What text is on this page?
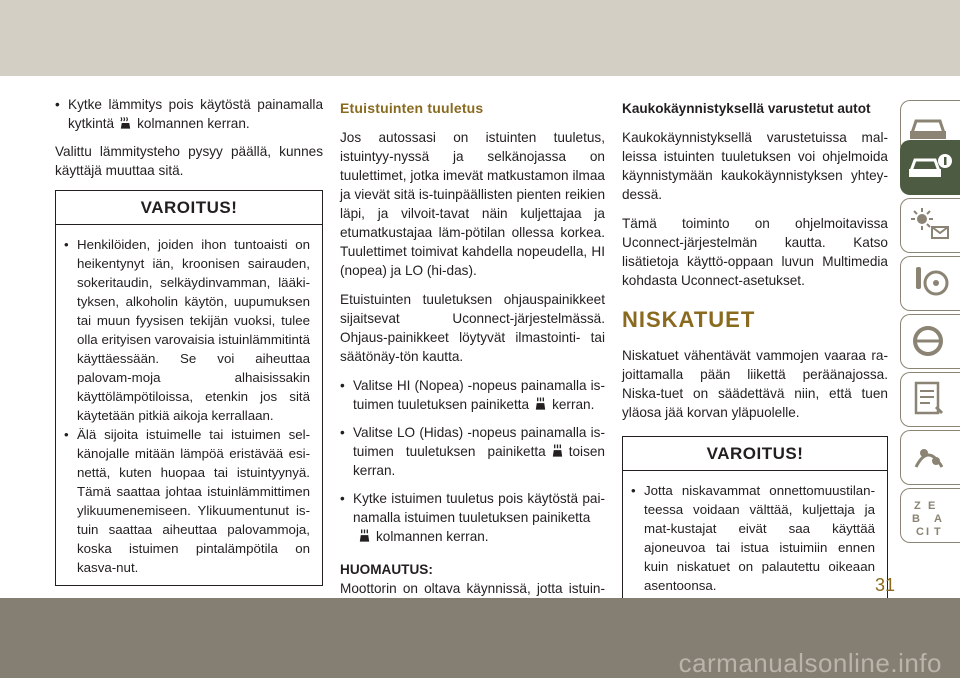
• Kytke lämmitys pois käytöstä painamalla kytkintä kolmannen kerran.

Valittu lämmitysteho pysyy päällä, kunnes käyttäjä muuttaa sitä.

VAROITUS!
• Henkilöiden, joiden ihon tuntoaisti on heikentynyt iän, kroonisen sairauden, sokeritaudin, selkäydinvamman, lääki-tyksen, alkoholin käytön, uupumuksen tai muun fyysisen tekijän vuoksi, tulee olla erityisen varovaisia istuinlämmitintä käyttäessään. Se voi aiheuttaa palovam-moja alhaisissakin käyttölämpötiloissa, etenkin jos sitä käytetään pitkiä aikoja kerrallaan.
• Älä sijoita istuimelle tai istuimen sel-känojalle mitään lämpöä eristävää esi-nettä, kuten huopaa tai istuintyynyä. Tämä saattaa johtaa istuinlämmittimen ylikuumenemiseen. Ylikuumentunut is-tuin saattaa aiheuttaa palovammoja, koska istuimen pintalämpötila on kasva-nut.
Etuistuinten tuuletus

Jos autossasi on istuinten tuuletus, istuintyy-nyssä ja selkänojassa on tuulettimet, jotka imevät matkustamon ilmaa ja vievät sitä is-tuinpäällisten pienten reikien läpi, ja vilvoit-tavat näin kuljettajaa ja etumatkustajaa läm-pötilan ollessa korkea. Tuulettimet toimivat kahdella nopeudella, HI (nopea) ja LO (hi-das).

Etuistuinten tuuletuksen ohjauspainikkeet sijaitsevat Uconnect-järjestelmässä. Ohjaus-painikkeet löytyvät ilmastointi- tai säätönäy-tön kautta.

• Valitse HI (Nopea) -nopeus painamalla is-tuimen tuuletuksen painiketta kerran.
• Valitse LO (Hidas) -nopeus painamalla is-tuimen tuuletuksen painiketta toisen kerran.
• Kytke istuimen tuuletus pois käytöstä pai-namalla istuimen tuuletuksen painiketta
kolmannen kerran.
HUOMAUTUS:

Moottorin on oltava käynnissä, jotta istuin-

Kaukokäynnistyksellä varustetut autot

Kaukokäynnistyksellä varustetuissa mal-leissa istuinten tuuletuksen voi ohjelmoida käynnistymään kaukokäynnistyksen yhtey-dessä.

Tämä toiminto on ohjelmoitavissa Uconnect-järjestelmän kautta. Katso lisätietoja käyttö-oppaan luvun Multimedia kohdasta Uconnect-asetukset.

NISKATUET

Niskatuet vähentävät vammojen vaaraa ra-joittamalla pään liikettä peräänajossa. Niska-tuet on säädettävä niin, että tuen yläosa jää korvan yläpuolelle.

VAROITUS!
• Jotta niskavammat onnettomuustilan-teessa voidaan välttää, kuljettaja ja mat-kustajat eivät saa käyttää ajoneuvoa tai istua istuimiin ennen kuin niskatuet on palautettu oikeaan asentoonsa.
Z E
B A
C I T
31
carmanualsonline.info
